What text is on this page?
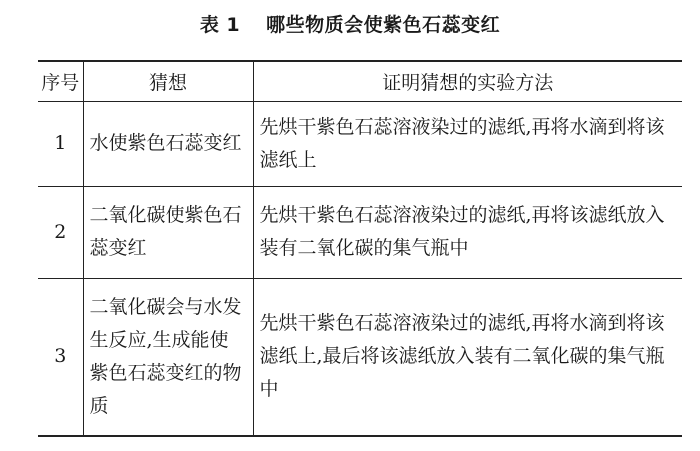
表 1 哪些物质会使紫色石蕊变红
序号	猜想	证明猜想的实验方法
1	水使紫色石蕊变红	先烘干紫色石蕊溶液染过的滤纸,再将水滴到将该滤纸上
2	二氧化碳使紫色石蕊变红	先烘干紫色石蕊溶液染过的滤纸,再将该滤纸放入装有二氧化碳的集气瓶中
3	二氧化碳会与水发生反应,生成能使紫色石蕊变红的物质	先烘干紫色石蕊溶液染过的滤纸,再将水滴到将该滤纸上,最后将该滤纸放入装有二氧化碳的集气瓶中
